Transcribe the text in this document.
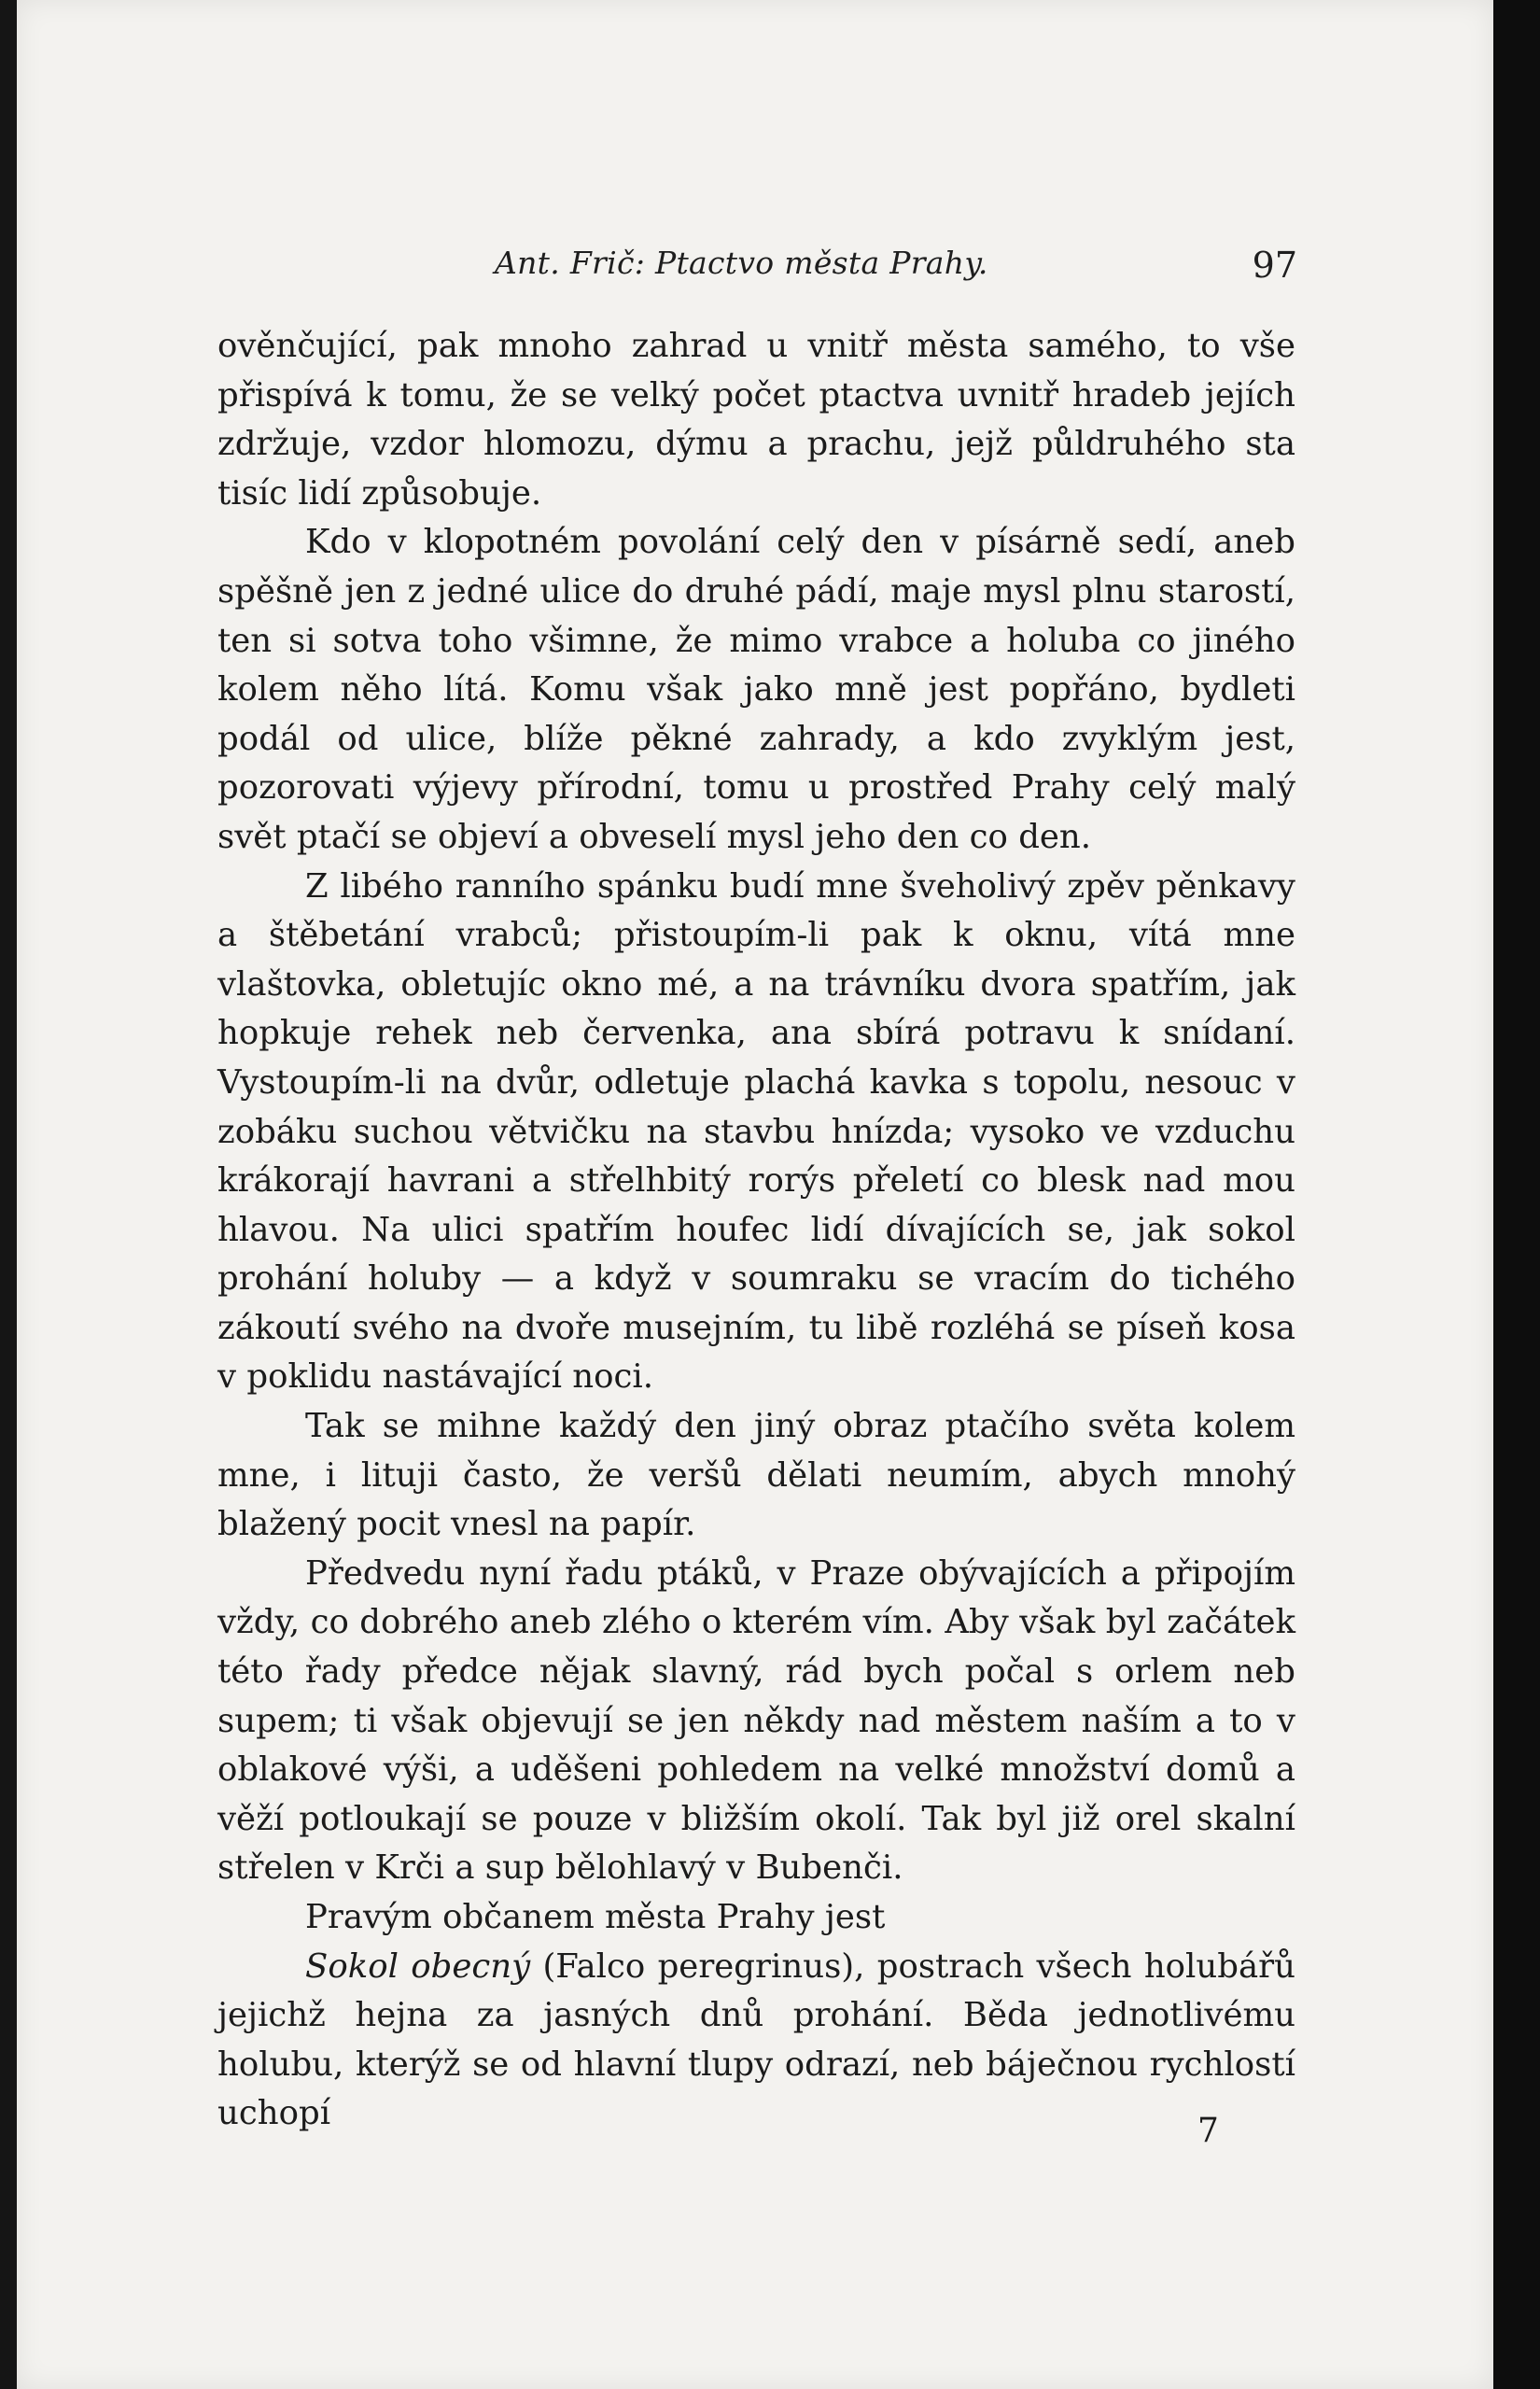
Ant. Frič: Ptactvo města Prahy.	97

ověnčující, pak mnoho zahrad u vnitř města samého, to vše přispívá k tomu, že se velký počet ptactva uvnitř hradeb jejích zdržuje, vzdor hlomozu, dýmu a prachu, jejž půldruhého sta tisíc lidí způsobuje.

Kdo v klopotném povolání celý den v písárně sedí, aneb spěšně jen z jedné ulice do druhé pádí, maje mysl plnu starostí, ten si sotva toho všimne, že mimo vrabce a holuba co jiného kolem něho lítá. Komu však jako mně jest popřáno, bydleti podál od ulice, blíže pěkné zahrady, a kdo zvyklým jest, pozorovati výjevy přírodní, tomu u prostřed Prahy celý malý svět ptačí se objeví a obveselí mysl jeho den co den.

Z libého ranního spánku budí mne šveholivý zpěv pěnkavy a štěbetání vrabců; přistoupím-li pak k oknu, vítá mne vlaštovka, obletujíc okno mé, a na trávníku dvora spatřím, jak hopkuje rehek neb červenka, ana sbírá potravu k snídaní. Vystoupím-li na dvůr, odletuje plachá kavka s topolu, nesouc v zobáku suchou větvičku na stavbu hnízda; vysoko ve vzduchu krákorají havrani a střelhbitý rorýs přeletí co blesk nad mou hlavou. Na ulici spatřím houfec lidí dívajících se, jak sokol prohání holuby — a když v soumraku se vracím do tichého zákoutí svého na dvoře musejním, tu libě rozléhá se píseň kosa v poklidu nastávající noci.

Tak se mihne každý den jiný obraz ptačího světa kolem mne, i lituji často, že veršů dělati neumím, abych mnohý blažený pocit vnesl na papír.

Předvedu nyní řadu ptáků, v Praze obývajících a připojím vždy, co dobrého aneb zlého o kterém vím. Aby však byl začátek této řady předce nějak slavný, rád bych počal s orlem neb supem; ti však objevují se jen někdy nad městem naším a to v oblakové výši, a uděšeni pohledem na velké množství domů a věží potloukají se pouze v bližším okolí. Tak byl již orel skalní střelen v Krči a sup bělohlavý v Bubenči.

Pravým občanem města Prahy jest

Sokol obecný (Falco peregrinus), postrach všech holubářů jejichž hejna za jasných dnů prohání. Běda jednotlivému holubu, kterýž se od hlavní tlupy odrazí, neb báječnou rychlostí uchopí	7
